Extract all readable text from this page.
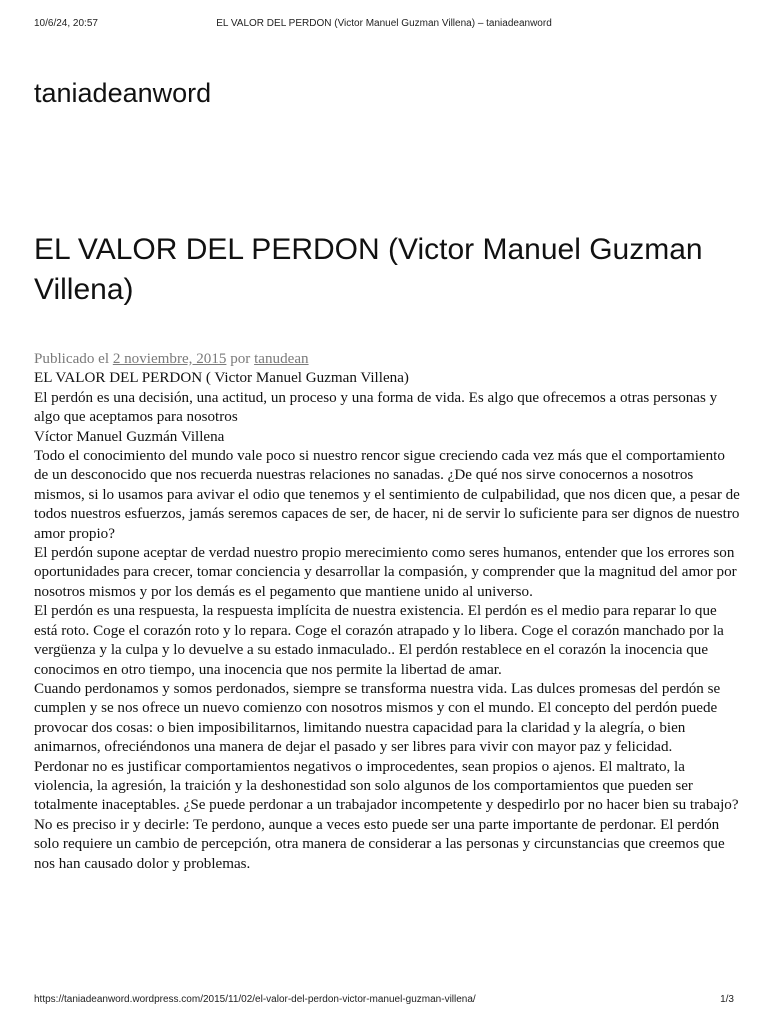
10/6/24, 20:57	EL VALOR DEL PERDON (Victor Manuel Guzman Villena) – taniadeanword
taniadeanword
EL VALOR DEL PERDON (Victor Manuel Guzman Villena)
Publicado el 2 noviembre, 2015 por tanudean

EL VALOR DEL PERDON ( Victor Manuel Guzman Villena)

El perdón es una decisión, una actitud, un proceso y una forma de vida. Es algo que ofrecemos a otras personas y algo que aceptamos para nosotros

Víctor Manuel Guzmán Villena

Todo el conocimiento del mundo vale poco si nuestro rencor sigue creciendo cada vez más que el comportamiento de un desconocido que nos recuerda nuestras relaciones no sanadas. ¿De qué nos sirve conocernos a nosotros mismos, si lo usamos para avivar el odio que tenemos y el sentimiento de culpabilidad, que nos dicen que, a pesar de todos nuestros esfuerzos, jamás seremos capaces de ser, de hacer, ni de servir lo suficiente para ser dignos de nuestro amor propio?

El perdón supone aceptar de verdad nuestro propio merecimiento como seres humanos, entender que los errores son oportunidades para crecer, tomar conciencia y desarrollar la compasión, y comprender que la magnitud del amor por nosotros mismos y por los demás es el pegamento que mantiene unido al universo.

El perdón es una respuesta, la respuesta implícita de nuestra existencia. El perdón es el medio para reparar lo que está roto. Coge el corazón roto y lo repara. Coge el corazón atrapado y lo libera. Coge el corazón manchado por la vergüenza y la culpa y lo devuelve a su estado inmaculado.. El perdón restablece en el corazón la inocencia que conocimos en otro tiempo, una inocencia que nos permite la libertad de amar.

Cuando perdonamos y somos perdonados, siempre se transforma nuestra vida. Las dulces promesas del perdón se cumplen y se nos ofrece un nuevo comienzo con nosotros mismos y con el mundo. El concepto del perdón puede provocar dos cosas: o bien imposibilitarnos, limitando nuestra capacidad para la claridad y la alegría, o bien animarnos, ofreciéndonos una manera de dejar el pasado y ser libres para vivir con mayor paz y felicidad.

Perdonar no es justificar comportamientos negativos o improcedentes, sean propios o ajenos. El maltrato, la violencia, la agresión, la traición y la deshonestidad son solo algunos de los comportamientos que pueden ser totalmente inaceptables. ¿Se puede perdonar a un trabajador incompetente y despedirlo por no hacer bien su trabajo? No es preciso ir y decirle: Te perdono, aunque a veces esto puede ser una parte importante de perdonar. El perdón solo requiere un cambio de percepción, otra manera de considerar a las personas y circunstancias que creemos que nos han causado dolor y problemas.

https://taniadeanword.wordpress.com/2015/11/02/el-valor-del-perdon-victor-manuel-guzman-villena/	1/3
